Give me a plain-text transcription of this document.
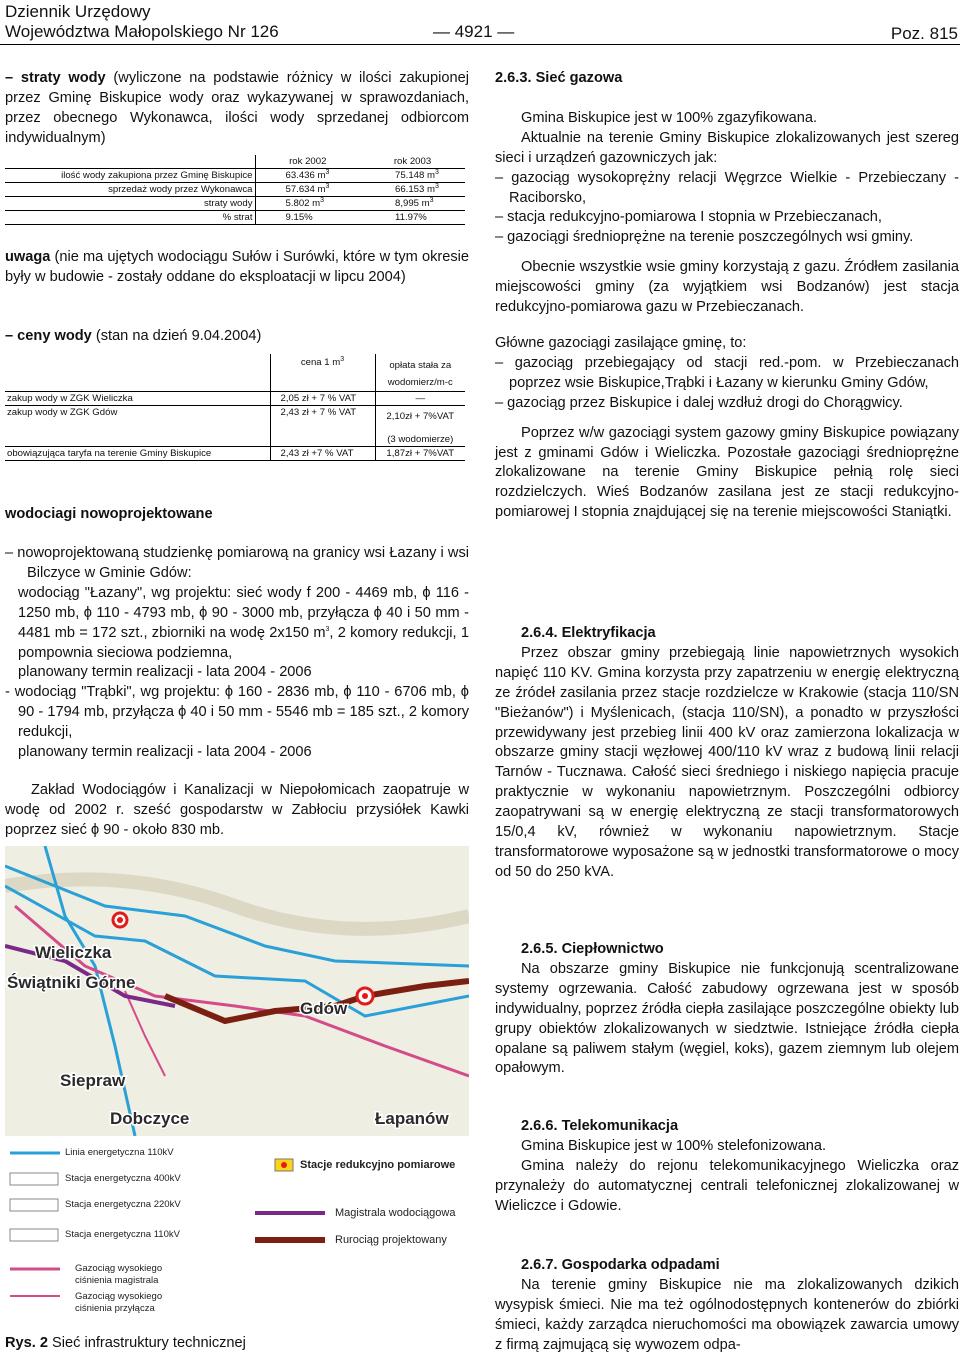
Dziennik Urzędowy
Województwa Małopolskiego Nr 126	— 4921 —	Poz. 815

– straty wody (wyliczone na podstawie różnicy w ilości zakupionej przez Gminę Biskupice wody oraz wykazywanej w sprawozdaniach, przez obecnego Wykonawca, ilości wody sprzedanej odbiorcom indywidualnym)

	rok 2002	rok 2003
ilość wody zakupiona przez Gminę Biskupice	63.436 $m^3$	75.148 $m^3$
sprzedaż wody przez Wykonawca	57.634 $m^3$	66.153 $m^3$
straty wody	5.802 $m^3$	8,995 $m^3$
% strat	9.15%	11.97%

uwaga (nie ma ujętych wodociągu Sułów i Surówki, które w tym okresie były w budowie - zostały oddane do eksploatacji w lipcu 2004)

– ceny wody (stan na dzień 9.04.2004)

	cena 1 $m^3$	opłata stała za
wodomierz/m-c

zakup wody w ZGK Wieliczka	2,05 zł + 7 % VAT	—
zakup wody w ZGK Gdów	2,43 zł + 7 % VAT	2,10zł + 7%VAT
		(3 wodomierze)
obowiązująca taryfa na terenie Gminy Biskupice	2,43 zł +7 % VAT	1,87zł + 7%VAT

wodociagi nowoprojektowane

– nowoprojektowaną studzienkę pomiarową na granicy wsi Łazany i wsi Bilczyce w Gminie Gdów:

wodociąg "Łazany", wg projektu: sieć wody f 200 - 4469 mb, ϕ 116 - 1250 mb, ϕ 110 - 4793 mb, ϕ 90 - 3000 mb, przyłącza ϕ 40 i 50 mm - 4481 mb = 172 szt., zbiorniki na wodę 2x150 $m^3$, 2 komory redukcji, 1 pompownia sieciowa podziemna,

planowany termin realizacji - lata 2004 - 2006

- wodociąg "Trąbki", wg projektu: ϕ 160 - 2836 mb, ϕ 110 - 6706 mb, ϕ 90 - 1794 mb, przyłącza ϕ 40 i 50 mm - 5546 mb = 185 szt., 2 komory redukcji,

planowany termin realizacji - lata 2004 - 2006

Zakład Wodociągów i Kanalizacji w Niepołomicach zaopatruje w wodę od 2002 r. sześć gospodarstw w Zabłociu przysiółek Kawki poprzez sieć ϕ 90 - około 830 mb.

Wieliczka
Świątniki Górne
Gdów
Siepraw
Dobczyce	Łapanów
Linia energetyczna 110kV
Stacja energetyczna 400kV
Stacja energetyczna 220kV
Stacja energetyczna 110kV
Gazociąg wysokiego ciśnienia magistrala
Gazociąg wysokiego ciśnienia przyłącza
Stacje redukcyjno pomiarowe
Magistrala wodociągowa
Rurociąg projektowany

Rys. 2 Sieć infrastruktury technicznej

2.6.3. Sieć gazowa

Gmina Biskupice jest w 100% zgazyfikowana.

Aktualnie na terenie Gminy Biskupice zlokalizowanych jest szereg sieci i urządzeń gazowniczych jak:

– gazociąg wysokoprężny relacji Węgrzce Wielkie - Przebieczany - Raciborsko,

– stacja redukcyjno-pomiarowa I stopnia w Przebieczanach,

– gazociągi średnioprężne na terenie poszczególnych wsi gminy.

Obecnie wszystkie wsie gminy korzystają z gazu. Źródłem zasilania miejscowości gminy (za wyjątkiem wsi Bodzanów) jest stacja redukcyjno-pomiarowa gazu w Przebieczanach.

Główne gazociągi zasilające gminę, to:

– gazociąg przebiegający od stacji red.-pom. w Przebieczanach poprzez wsie Biskupice,Trąbki i Łazany w kierunku Gminy Gdów,

– gazociąg przez Biskupice i dalej wzdłuż drogi do Chorągwicy.

Poprzez w/w gazociągi system gazowy gminy Biskupice powiązany jest z gminami Gdów i Wieliczka. Pozostałe gazociągi średnioprężne zlokalizowane na terenie Gminy Biskupice pełnią rolę sieci rozdzielczych. Wieś Bodzanów zasilana jest ze stacji redukcyjno-pomiarowej I stopnia znajdującej się na terenie miejscowości Staniątki.

2.6.4. Elektryfikacja

Przez obszar gminy przebiegają linie napowietrznych wysokich napięć 110 KV. Gmina korzysta przy zapatrzeniu w energię elektryczną ze źródeł zasilania przez stacje rozdzielcze w Krakowie (stacja 110/SN "Bieżanów") i Myślenicach, (stacja 110/SN), a ponadto w przyszłości przewidywany jest przebieg linii 400 kV oraz zamierzona lokalizacja w obszarze gminy stacji węzłowej 400/110 kV wraz z budową linii relacji Tarnów - Tucznawa. Całość sieci średniego i niskiego napięcia pracuje praktycznie w wykonaniu napowietrznym. Poszczególni odbiorcy zaopatrywani są w energię elektryczną ze stacji transformatorowych 15/0,4 kV, również w wykonaniu napowietrznym. Stacje transformatorowe wyposażone są w jednostki transformatorowe o mocy od 50 do 250 kVA.

2.6.5. Ciepłownictwo

Na obszarze gminy Biskupice nie funkcjonują scentralizowane systemy ogrzewania. Całość zabudowy ogrzewana jest w sposób indywidualny, poprzez źródła ciepła zasilające poszczególne obiekty lub grupy obiektów zlokalizowanych w siedztwie. Istniejące źródła ciepła opalane są paliwem stałym (węgiel, koks), gazem ziemnym lub olejem opałowym.

2.6.6. Telekomunikacja

Gmina Biskupice jest w 100% stelefonizowana.

Gmina należy do rejonu telekomunikacyjnego Wieliczka oraz przynależy do automatycznej centrali telefonicznej zlokalizowanej w Wieliczce i Gdowie.

2.6.7. Gospodarka odpadami

Na terenie gminy Biskupice nie ma zlokalizowanych dzikich wysypisk śmieci. Nie ma też ogólnodostępnych kontenerów do zbiórki śmieci, każdy zarządca nieruchomości ma obowiązek zawarcia umowy z firmą zajmującą się wywozem odpa-
